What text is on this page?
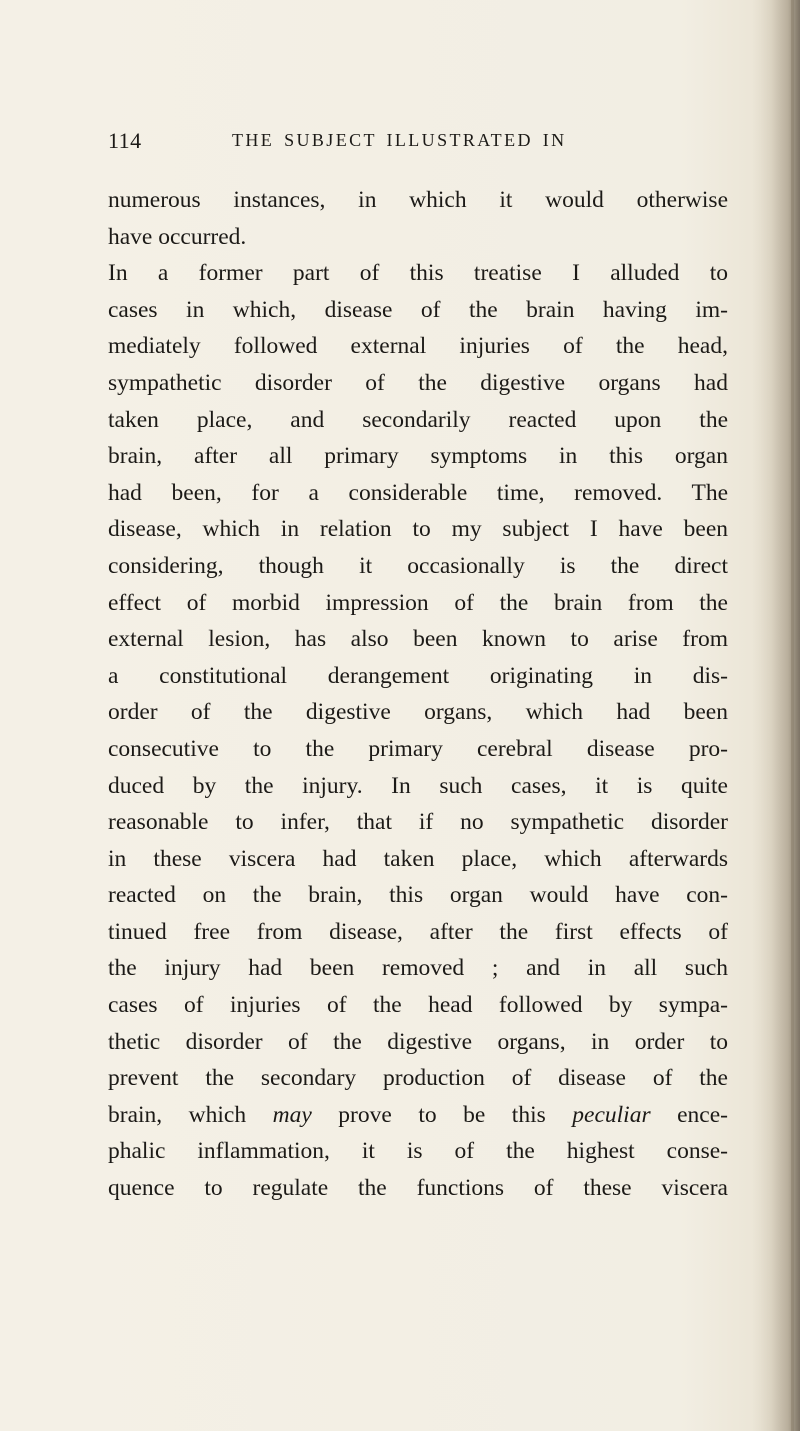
114	THE SUBJECT ILLUSTRATED IN
numerous instances, in which it would otherwise
have occurred.
In a former part of this treatise I alluded to
cases in which, disease of the brain having im-
mediately followed external injuries of the head,
sympathetic disorder of the digestive organs had
taken place, and secondarily reacted upon the
brain, after all primary symptoms in this organ
had been, for a considerable time, removed. The
disease, which in relation to my subject I have been
considering, though it occasionally is the direct
effect of morbid impression of the brain from the
external lesion, has also been known to arise from
a constitutional derangement originating in dis-
order of the digestive organs, which had been
consecutive to the primary cerebral disease pro-
duced by the injury. In such cases, it is quite
reasonable to infer, that if no sympathetic disorder
in these viscera had taken place, which afterwards
reacted on the brain, this organ would have con-
tinued free from disease, after the first effects of
the injury had been removed ; and in all such
cases of injuries of the head followed by sympa-
thetic disorder of the digestive organs, in order to
prevent the secondary production of disease of the
brain, which may prove to be this peculiar ence-
phalic inflammation, it is of the highest conse-
quence to regulate the functions of these viscera
